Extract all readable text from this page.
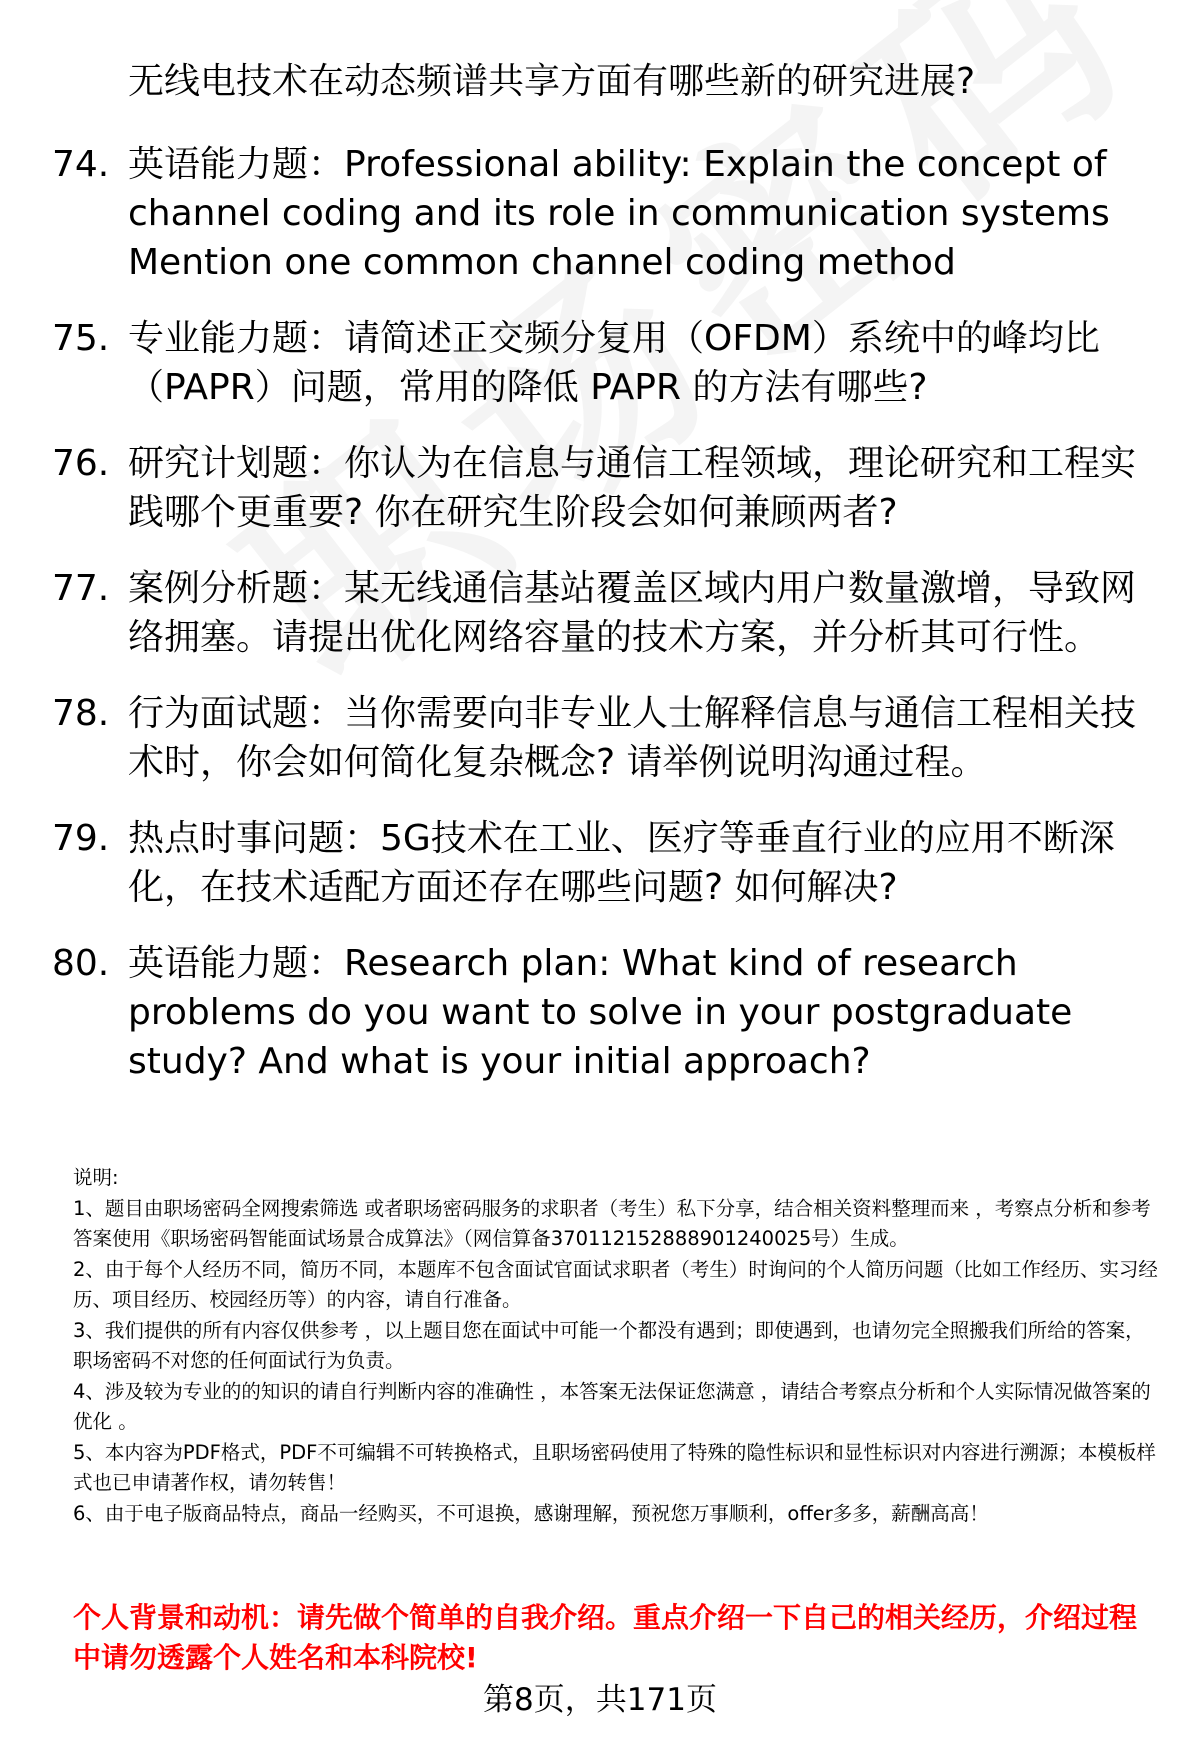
无线电技术在动态频谱共享方面有哪些新的研究进展?
74. 英语能力题：Professional ability: Explain the concept of channel coding and its role in communication systems Mention one common channel coding method
75. 专业能力题：请简述正交频分复用（OFDM）系统中的峰均比（PAPR）问题，常用的降低 PAPR 的方法有哪些?
76. 研究计划题：你认为在信息与通信工程领域，理论研究和工程实践哪个更重要? 你在研究生阶段会如何兼顾两者?
77. 案例分析题：某无线通信基站覆盖区域内用户数量激增，导致网络拥塞。请提出优化网络容量的技术方案，并分析其可行性。
78. 行为面试题：当你需要向非专业人士解释信息与通信工程相关技术时，你会如何简化复杂概念? 请举例说明沟通过程。
79. 热点时事问题：5G技术在工业、医疗等垂直行业的应用不断深化，在技术适配方面还存在哪些问题? 如何解决?
80. 英语能力题：Research plan: What kind of research problems do you want to solve in your postgraduate study? And what is your initial approach?

说明:

1、题目由职场密码全网搜索筛选 或者职场密码服务的求职者（考生）私下分享，结合相关资料整理而来 ，考察点分析和参考答案使用《职场密码智能面试场景合成算法》（网信算备370112152888901240025号）生成。

2、由于每个人经历不同，简历不同，本题库不包含面试官面试求职者（考生）时询问的个人简历问题（比如工作经历、实习经历、项目经历、校园经历等）的内容，请自行准备。

3、我们提供的所有内容仅供参考 ，以上题目您在面试中可能一个都没有遇到；即使遇到，也请勿完全照搬我们所给的答案，职场密码不对您的任何面试行为负责。

4、涉及较为专业的的知识的请自行判断内容的准确性 ，本答案无法保证您满意 ，请结合考察点分析和个人实际情况做答案的优化 。

5、本内容为PDF格式，PDF不可编辑不可转换格式，且职场密码使用了特殊的隐性标识和显性标识对内容进行溯源；本模板样式也已申请著作权，请勿转售！

6、由于电子版商品特点，商品一经购买，不可退换，感谢理解，预祝您万事顺利，offer多多，薪酬高高！

个人背景和动机：请先做个简单的自我介绍。重点介绍一下自己的相关经历，介绍过程中请勿透露个人姓名和本科院校!
第8页，共171页
